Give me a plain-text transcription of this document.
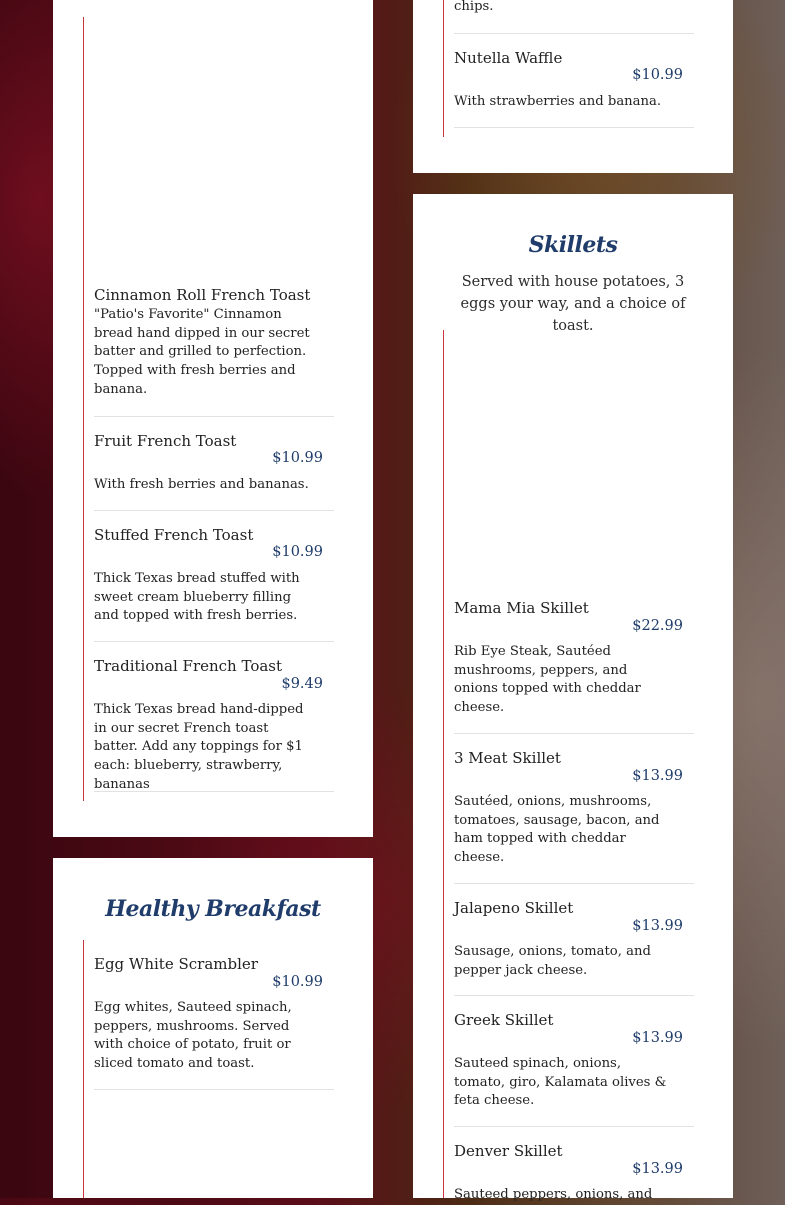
Cinnamon Roll French Toast
"Patio's Favorite" Cinnamon bread hand dipped in our secret batter and grilled to perfection. Topped with fresh berries and banana.
Fruit French Toast
$10.99
With fresh berries and bananas.
Stuffed French Toast
$10.99
Thick Texas bread stuffed with sweet cream blueberry filling and topped with fresh berries.
Traditional French Toast
$9.49
Thick Texas bread hand-dipped in our secret French toast batter. Add any toppings for $1 each: blueberry, strawberry, bananas
chips.
Nutella Waffle
$10.99
With strawberries and banana.
Skillets
Served with house potatoes, 3 eggs your way, and a choice of toast.
Mama Mia Skillet
$22.99
Rib Eye Steak, Sautéed mushrooms, peppers, and onions topped with cheddar cheese.
3 Meat Skillet
$13.99
Sautéed, onions, mushrooms, tomatoes, sausage, bacon, and ham topped with cheddar cheese.
Jalapeno Skillet
$13.99
Sausage, onions, tomato, and pepper jack cheese.
Greek Skillet
$13.99
Sauteed spinach, onions, tomato, giro, Kalamata olives & feta cheese.
Denver Skillet
$13.99
Sauteed peppers, onions, and
Healthy Breakfast
Egg White Scrambler
$10.99
Egg whites, Sauteed spinach, peppers, mushrooms. Served with choice of potato, fruit or sliced tomato and toast.
